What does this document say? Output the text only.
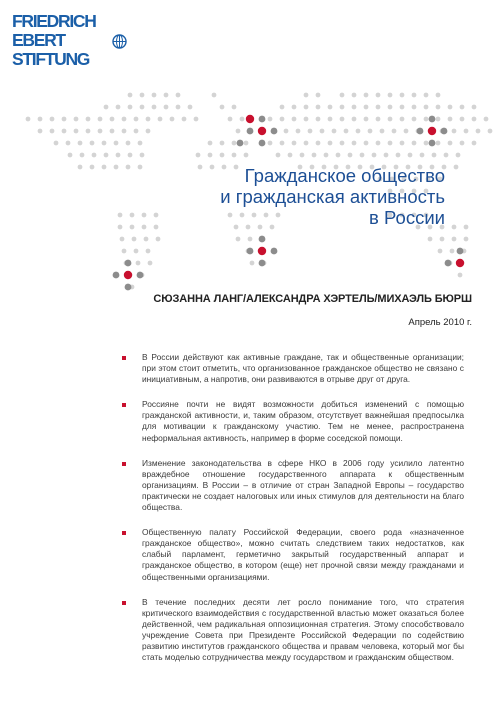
FRIEDRICH
EBERT
STIFTUNG
Гражданское общество
и гражданская активность
в России
СЮЗАННА ЛАНГ/АЛЕКСАНДРА ХЭРТЕЛЬ/МИХАЭЛЬ БЮРШ
Апрель 2010 г.

В России действуют как активные граждане, так и общественные организации; при этом стоит отметить, что организованное гражданское общество не связано с инициативным, а напротив, они развиваются в отрыве друг от друга.

Россияне почти не видят возможности добиться изменений с помощью гражданской активности, и, таким образом, отсутствует важнейшая предпосылка для мотивации к гражданскому участию. Тем не менее, распространена неформальная активность, например в форме соседской помощи.

Изменение законодательства в сфере НКО в 2006 году усилило латентно враждебное отношение государственного аппарата к общественным организациям. В России – в отличие от стран Западной Европы – государство практически не создает налоговых или иных стимулов для деятельности на благо общества.

Общественную палату Российской Федерации, своего рода «назначенное гражданское общество», можно считать следствием таких недостатков, как слабый парламент, герметично закрытый государственный аппарат и гражданское общество, в котором (еще) нет прочной связи между гражданами и общественными организациями.

В течение последних десяти лет росло понимание того, что стратегия критического взаимодействия с государственной властью может оказаться более действенной, чем радикальная оппозиционная стратегия. Этому способствовало учреждение Совета при Президенте Российской Федерации по содействию развитию институтов гражданского общества и правам человека, который мог бы стать моделью сотрудничества между государством и гражданским обществом.
